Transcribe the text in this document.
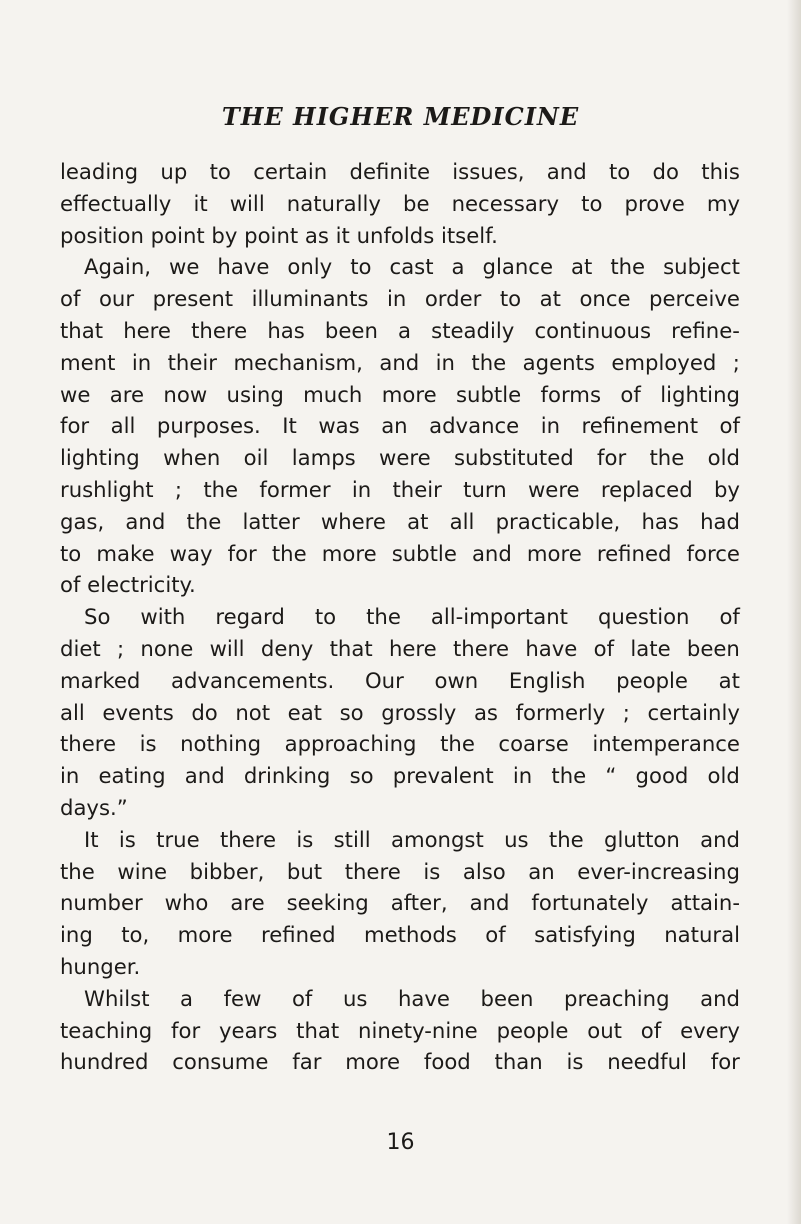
THE HIGHER MEDICINE
leading up to certain definite issues, and to do this
effectually it will naturally be necessary to prove my
position point by point as it unfolds itself.
Again, we have only to cast a glance at the subject
of our present illuminants in order to at once perceive
that here there has been a steadily continuous refine-
ment in their mechanism, and in the agents employed ;
we are now using much more subtle forms of lighting
for all purposes. It was an advance in refinement of
lighting when oil lamps were substituted for the old
rushlight ; the former in their turn were replaced by
gas, and the latter where at all practicable, has had
to make way for the more subtle and more refined force
of electricity.
So with regard to the all-important question of
diet ; none will deny that here there have of late been
marked advancements. Our own English people at
all events do not eat so grossly as formerly ; certainly
there is nothing approaching the coarse intemperance
in eating and drinking so prevalent in the “ good old
days.”
It is true there is still amongst us the glutton and
the wine bibber, but there is also an ever-increasing
number who are seeking after, and fortunately attain-
ing to, more refined methods of satisfying natural
hunger.
Whilst a few of us have been preaching and
teaching for years that ninety-nine people out of every
hundred consume far more food than is needful for
16
